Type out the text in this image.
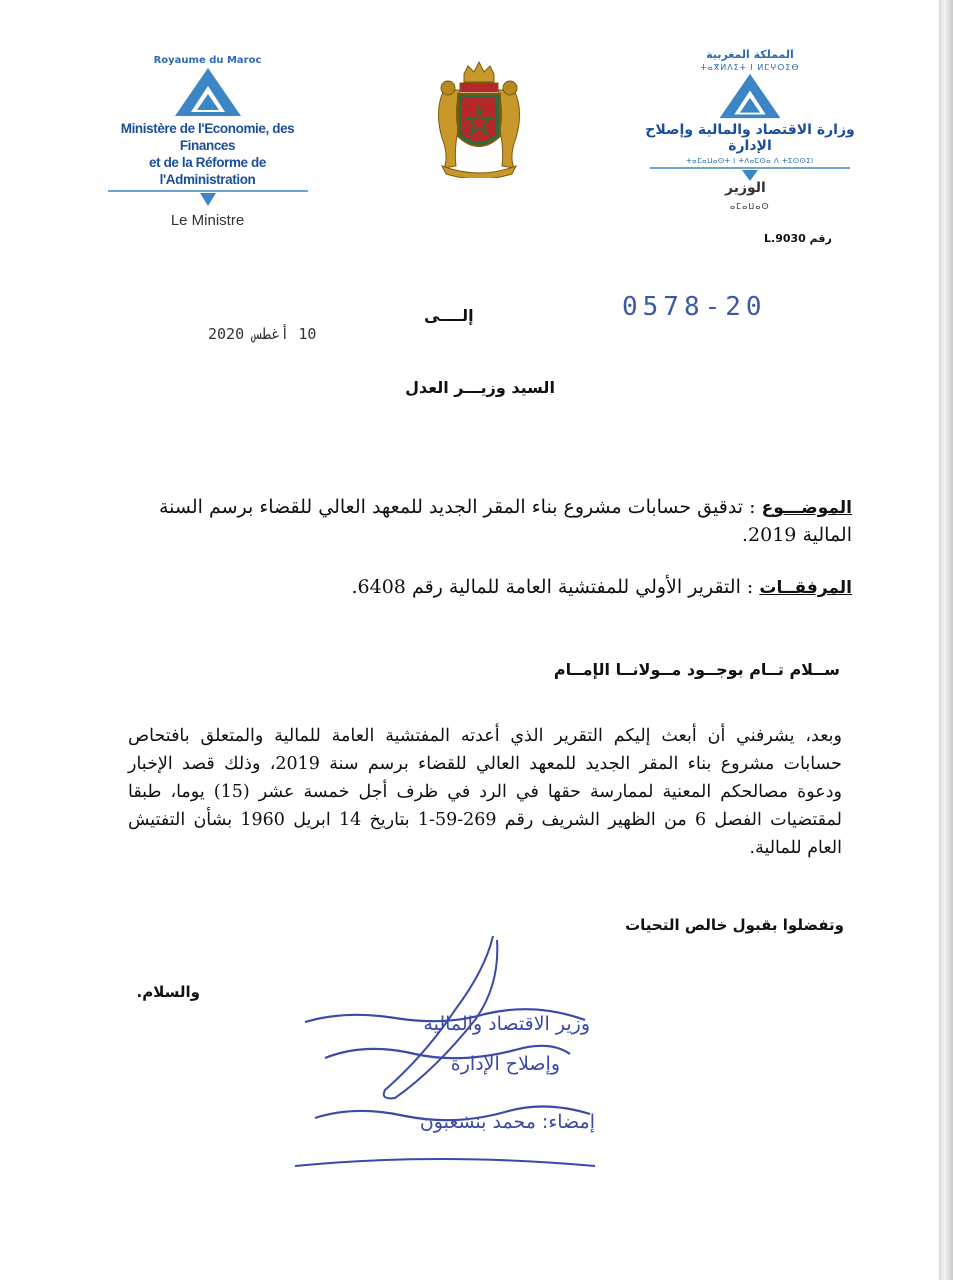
Royaume du Maroc
Ministère de l'Economie, des Finances
et de la Réforme de l'Administration
Le Ministre
المملكة المغربية
ⵜⴰⴳⵍⴷⵉⵜ ⵏ ⵍⵎⵖⵔⵉⴱ
وزارة الاقتصاد والمالية وإصلاح الإدارة
ⵜⴰⵎⴰⵡⴰⵙⵜ ⵏ ⵜⴷⴰⵎⵙⴰ ⴷ ⵜⵉⵙⵙⵉⵏ
الوزير
ⴰⵎⴰⵡⴰⵙ
رقم L.9030
إلــــى	0578-20
10 أغطس 2020
السيد وزيـــر العدل
الموضـــوع : تدقيق حسابات مشروع بناء المقر الجديد للمعهد العالي للقضاء برسم السنة المالية 2019.
المرفقــات : التقرير الأولي للمفتشية العامة للمالية رقم 6408.
ســلام تــام بوجــود مــولانــا الإمــام
وبعد، يشرفني أن أبعث إليكم التقرير الذي أعدته المفتشية العامة للمالية والمتعلق بافتحاص حسابات مشروع بناء المقر الجديد للمعهد العالي للقضاء برسم سنة 2019، وذلك قصد الإخبار ودعوة مصالحكم المعنية لممارسة حقها في الرد في ظرف أجل خمسة عشر (15) يوما، طبقا لمقتضيات الفصل 6 من الظهير الشريف رقم 269-59-1 بتاريخ 14 ابريل 1960 بشأن التفتيش العام للمالية.
وتفضلوا بقبول خالص التحيات
والسلام.
وزير الاقتصاد والمالية
وإصلاح الإدارة
إمضاء: محمد بنشعبون
